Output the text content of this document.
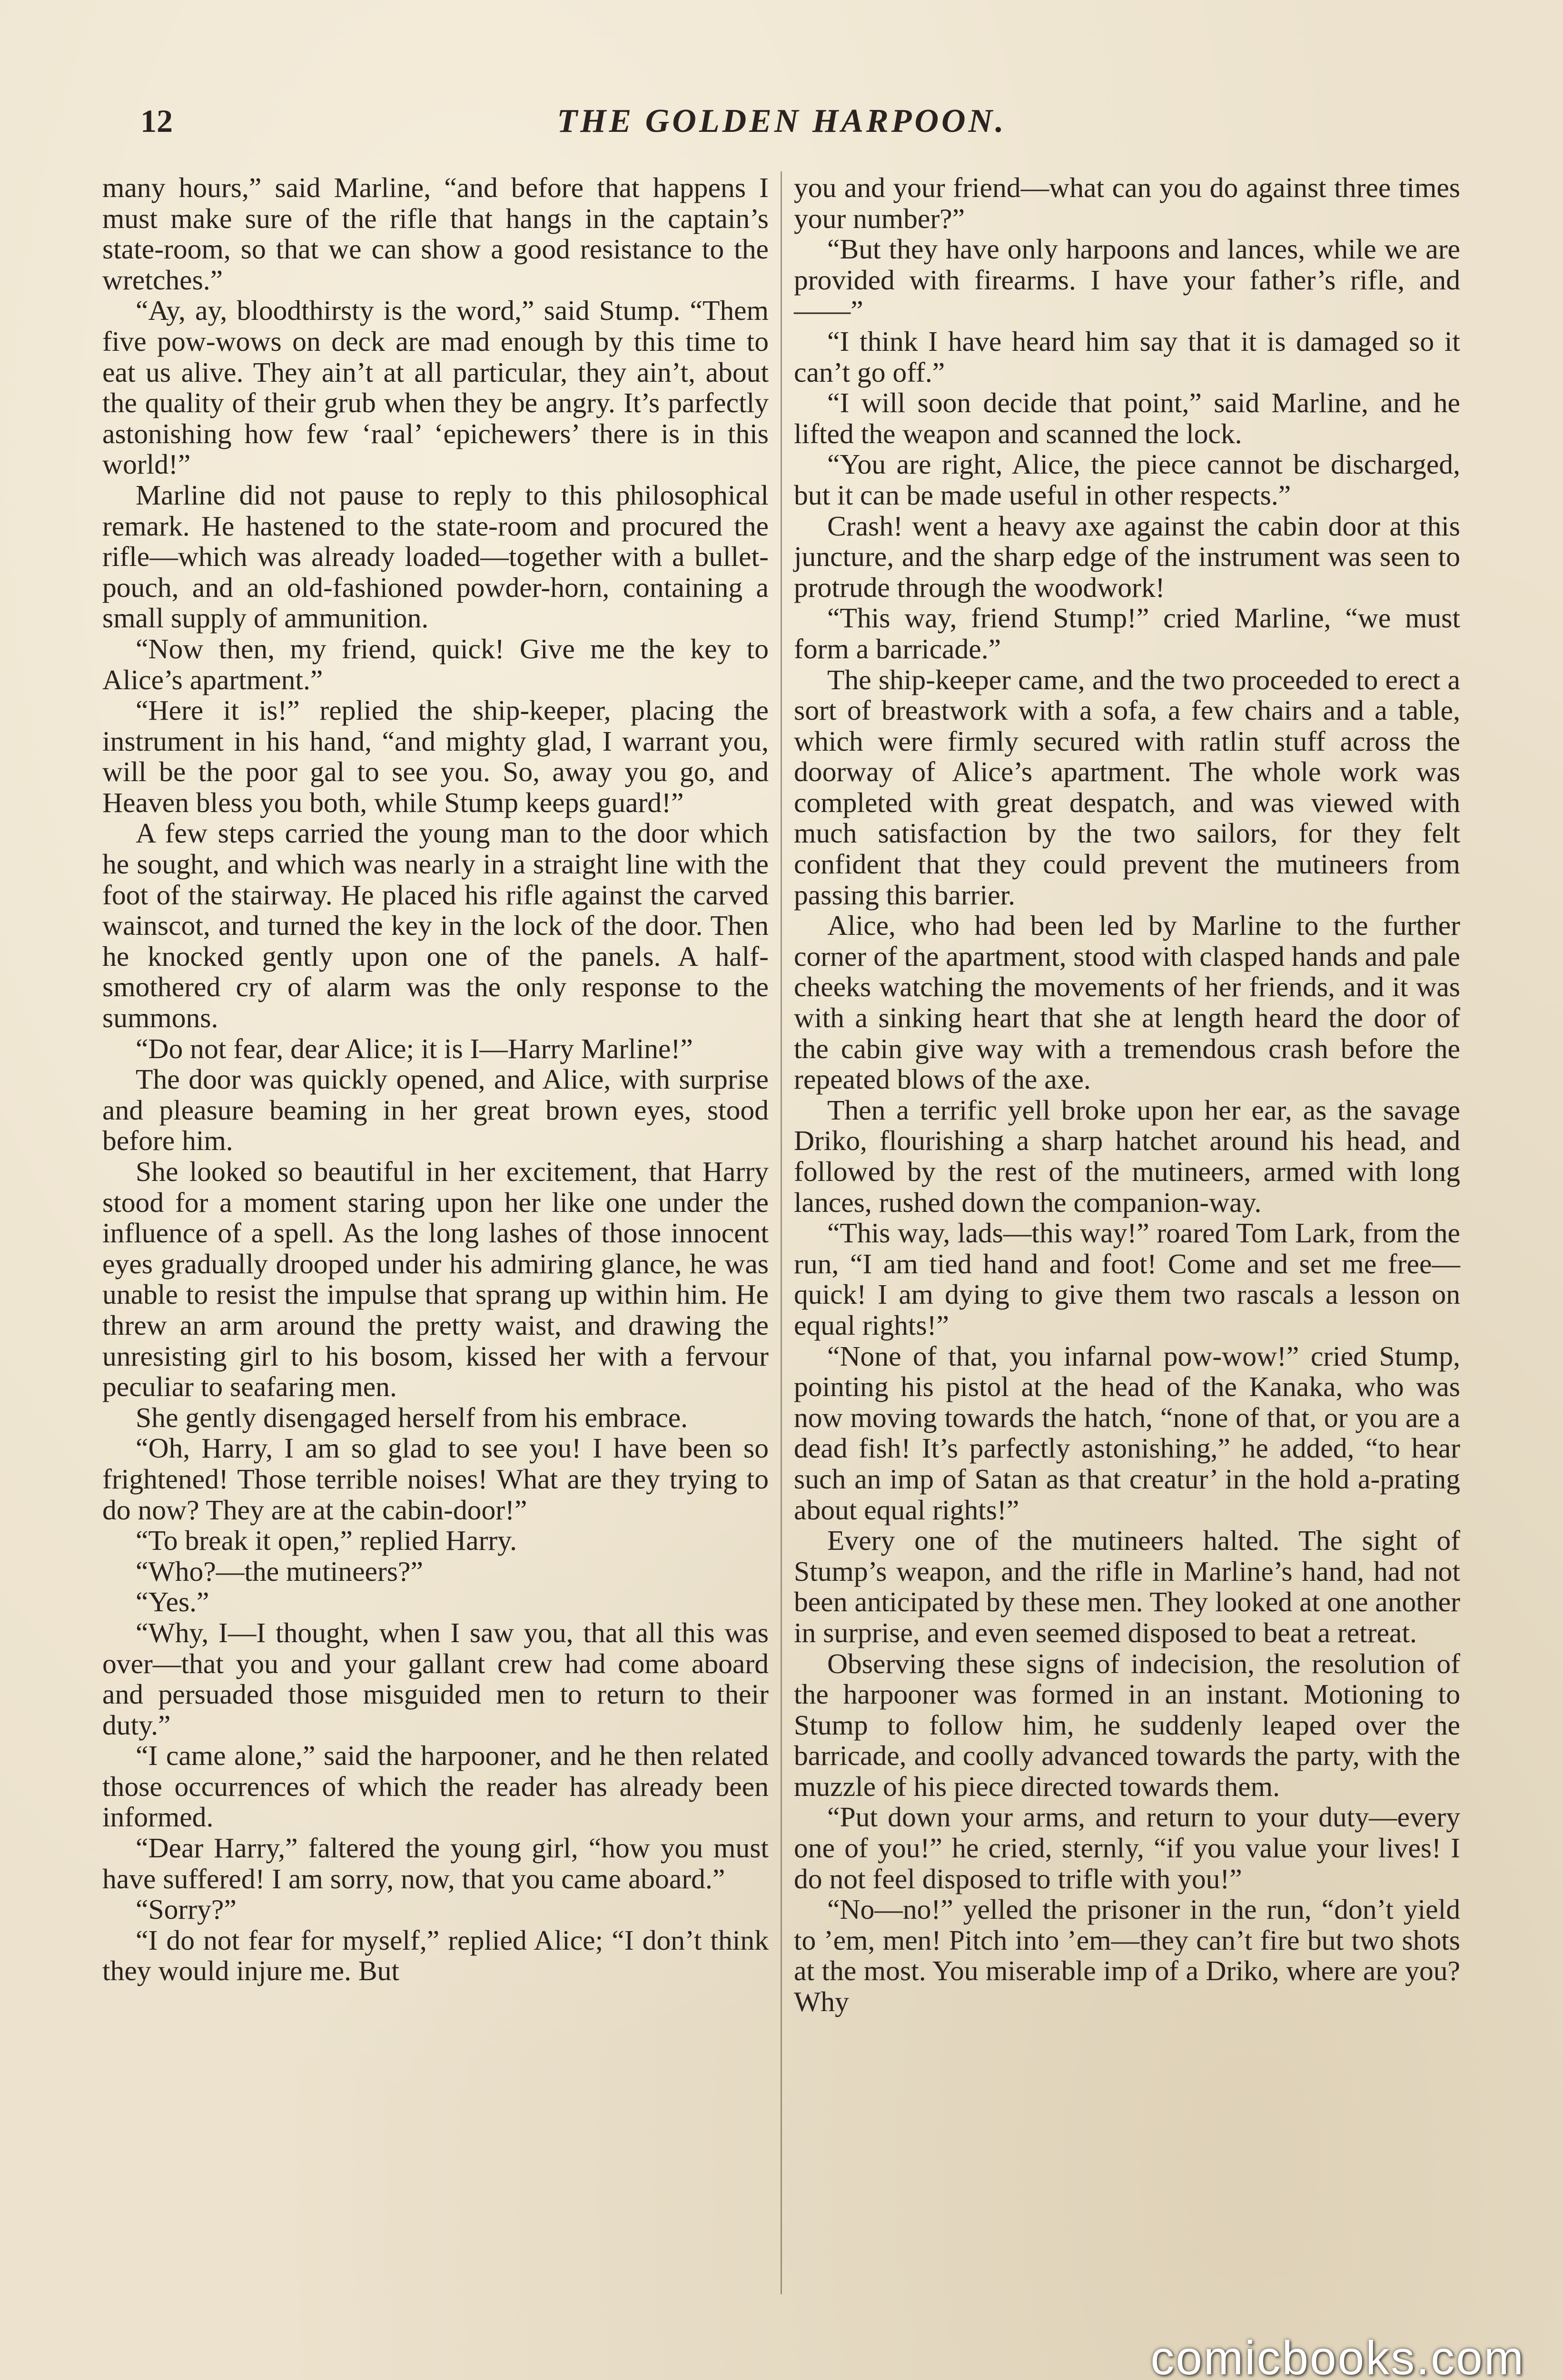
12	THE GOLDEN HARPOON.

many hours,” said Marline, “and before that happens I must make sure of the rifle that hangs in the captain’s state-room, so that we can show a good resistance to the wretches.”

“Ay, ay, bloodthirsty is the word,” said Stump. “Them five pow-wows on deck are mad enough by this time to eat us alive. They ain’t at all particular, they ain’t, about the quality of their grub when they be angry. It’s parfectly astonishing how few ‘raal’ ‘epichewers’ there is in this world!”

Marline did not pause to reply to this philosophical remark. He hastened to the state-room and procured the rifle—which was already loaded—together with a bullet-pouch, and an old-fashioned powder-horn, containing a small supply of ammunition.

“Now then, my friend, quick! Give me the key to Alice’s apartment.”

“Here it is!” replied the ship-keeper, placing the instrument in his hand, “and mighty glad, I warrant you, will be the poor gal to see you. So, away you go, and Heaven bless you both, while Stump keeps guard!”

A few steps carried the young man to the door which he sought, and which was nearly in a straight line with the foot of the stairway. He placed his rifle against the carved wainscot, and turned the key in the lock of the door. Then he knocked gently upon one of the panels. A half-smothered cry of alarm was the only response to the summons.

“Do not fear, dear Alice; it is I—Harry Marline!”

The door was quickly opened, and Alice, with surprise and pleasure beaming in her great brown eyes, stood before him.

She looked so beautiful in her excitement, that Harry stood for a moment staring upon her like one under the influence of a spell. As the long lashes of those innocent eyes gradually drooped under his admiring glance, he was unable to resist the impulse that sprang up within him. He threw an arm around the pretty waist, and drawing the unresisting girl to his bosom, kissed her with a fervour peculiar to seafaring men.

She gently disengaged herself from his embrace.

“Oh, Harry, I am so glad to see you! I have been so frightened! Those terrible noises! What are they trying to do now? They are at the cabin-door!”

“To break it open,” replied Harry.

“Who?—the mutineers?”

“Yes.”

“Why, I—I thought, when I saw you, that all this was over—that you and your gallant crew had come aboard and persuaded those misguided men to return to their duty.”

“I came alone,” said the harpooner, and he then related those occurrences of which the reader has already been informed.

“Dear Harry,” faltered the young girl, “how you must have suffered! I am sorry, now, that you came aboard.”

“Sorry?”

“I do not fear for myself,” replied Alice; “I don’t think they would injure me. But

you and your friend—what can you do against three times your number?”

“But they have only harpoons and lances, while we are provided with firearms. I have your father’s rifle, and——”

“I think I have heard him say that it is damaged so it can’t go off.”

“I will soon decide that point,” said Marline, and he lifted the weapon and scanned the lock.

“You are right, Alice, the piece cannot be discharged, but it can be made useful in other respects.”

Crash! went a heavy axe against the cabin door at this juncture, and the sharp edge of the instrument was seen to protrude through the woodwork!

“This way, friend Stump!” cried Marline, “we must form a barricade.”

The ship-keeper came, and the two proceeded to erect a sort of breastwork with a sofa, a few chairs and a table, which were firmly secured with ratlin stuff across the doorway of Alice’s apartment. The whole work was completed with great despatch, and was viewed with much satisfaction by the two sailors, for they felt confident that they could prevent the mutineers from passing this barrier.

Alice, who had been led by Marline to the further corner of the apartment, stood with clasped hands and pale cheeks watching the movements of her friends, and it was with a sinking heart that she at length heard the door of the cabin give way with a tremendous crash before the repeated blows of the axe.

Then a terrific yell broke upon her ear, as the savage Driko, flourishing a sharp hatchet around his head, and followed by the rest of the mutineers, armed with long lances, rushed down the companion-way.

“This way, lads—this way!” roared Tom Lark, from the run, “I am tied hand and foot! Come and set me free—quick! I am dying to give them two rascals a lesson on equal rights!”

“None of that, you infarnal pow-wow!” cried Stump, pointing his pistol at the head of the Kanaka, who was now moving towards the hatch, “none of that, or you are a dead fish! It’s parfectly astonishing,” he added, “to hear such an imp of Satan as that creatur’ in the hold a-prating about equal rights!”

Every one of the mutineers halted. The sight of Stump’s weapon, and the rifle in Marline’s hand, had not been anticipated by these men. They looked at one another in surprise, and even seemed disposed to beat a retreat.

Observing these signs of indecision, the resolution of the harpooner was formed in an instant. Motioning to Stump to follow him, he suddenly leaped over the barricade, and coolly advanced towards the party, with the muzzle of his piece directed towards them.

“Put down your arms, and return to your duty—every one of you!” he cried, sternly, “if you value your lives! I do not feel disposed to trifle with you!”

“No—no!” yelled the prisoner in the run, “don’t yield to ’em, men! Pitch into ’em—they can’t fire but two shots at the most. You miserable imp of a Driko, where are you? Why

comicbooks.com
